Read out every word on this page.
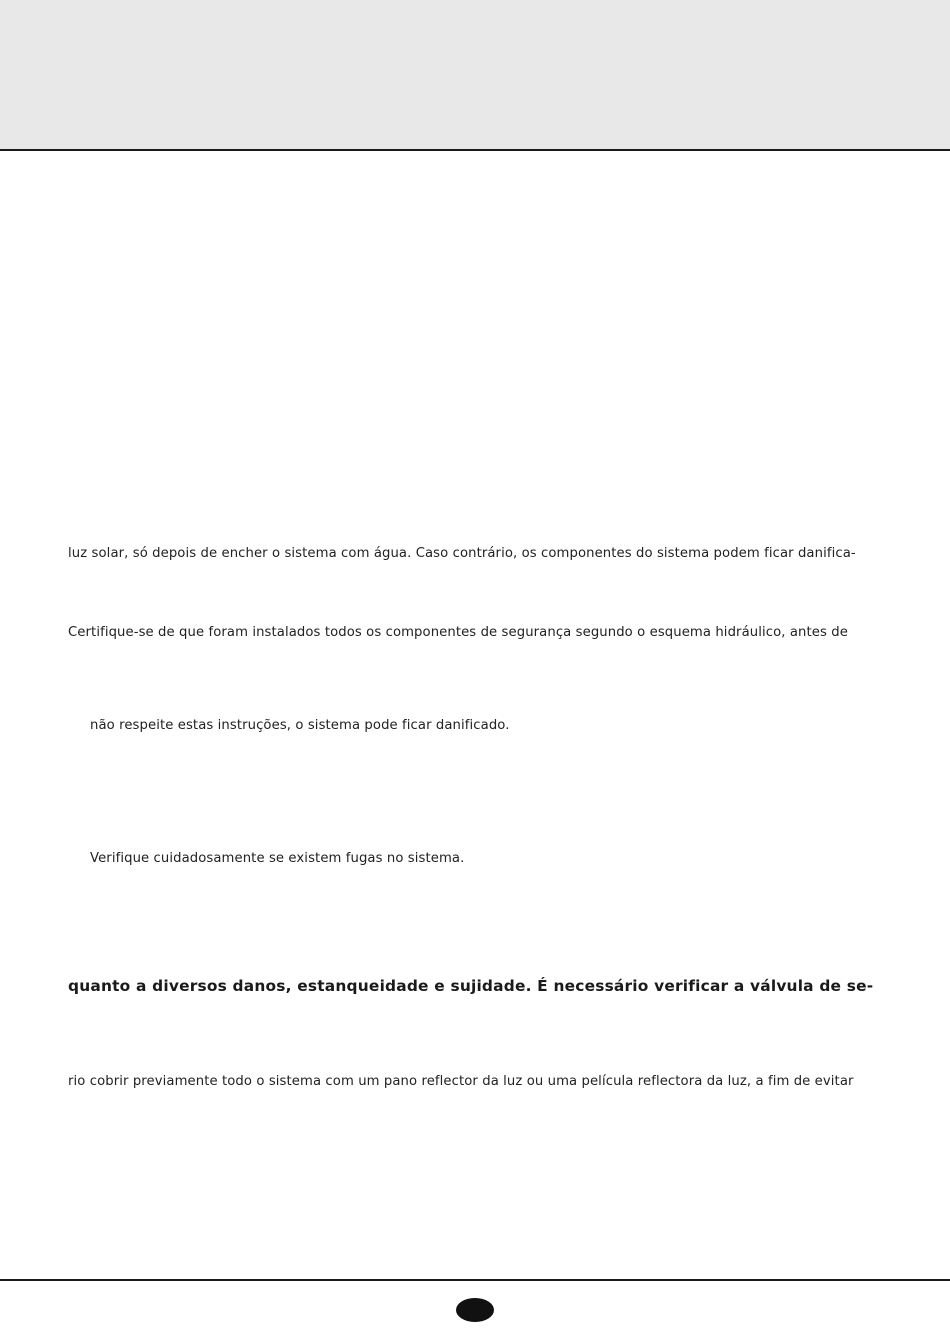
luz solar, só depois de encher o sistema com água. Caso contrário, os componentes do sistema podem ficar danifica-
Certifique-se de que foram instalados todos os componentes de segurança segundo o esquema hidráulico, antes de
não respeite estas instruções, o sistema pode ficar danificado.
Verifique cuidadosamente se existem fugas no sistema.
quanto a diversos danos, estanqueidade e sujidade. É necessário verificar a válvula de se-
rio cobrir previamente todo o sistema com um pano reflector da luz ou uma película reflectora da luz, a fim de evitar
